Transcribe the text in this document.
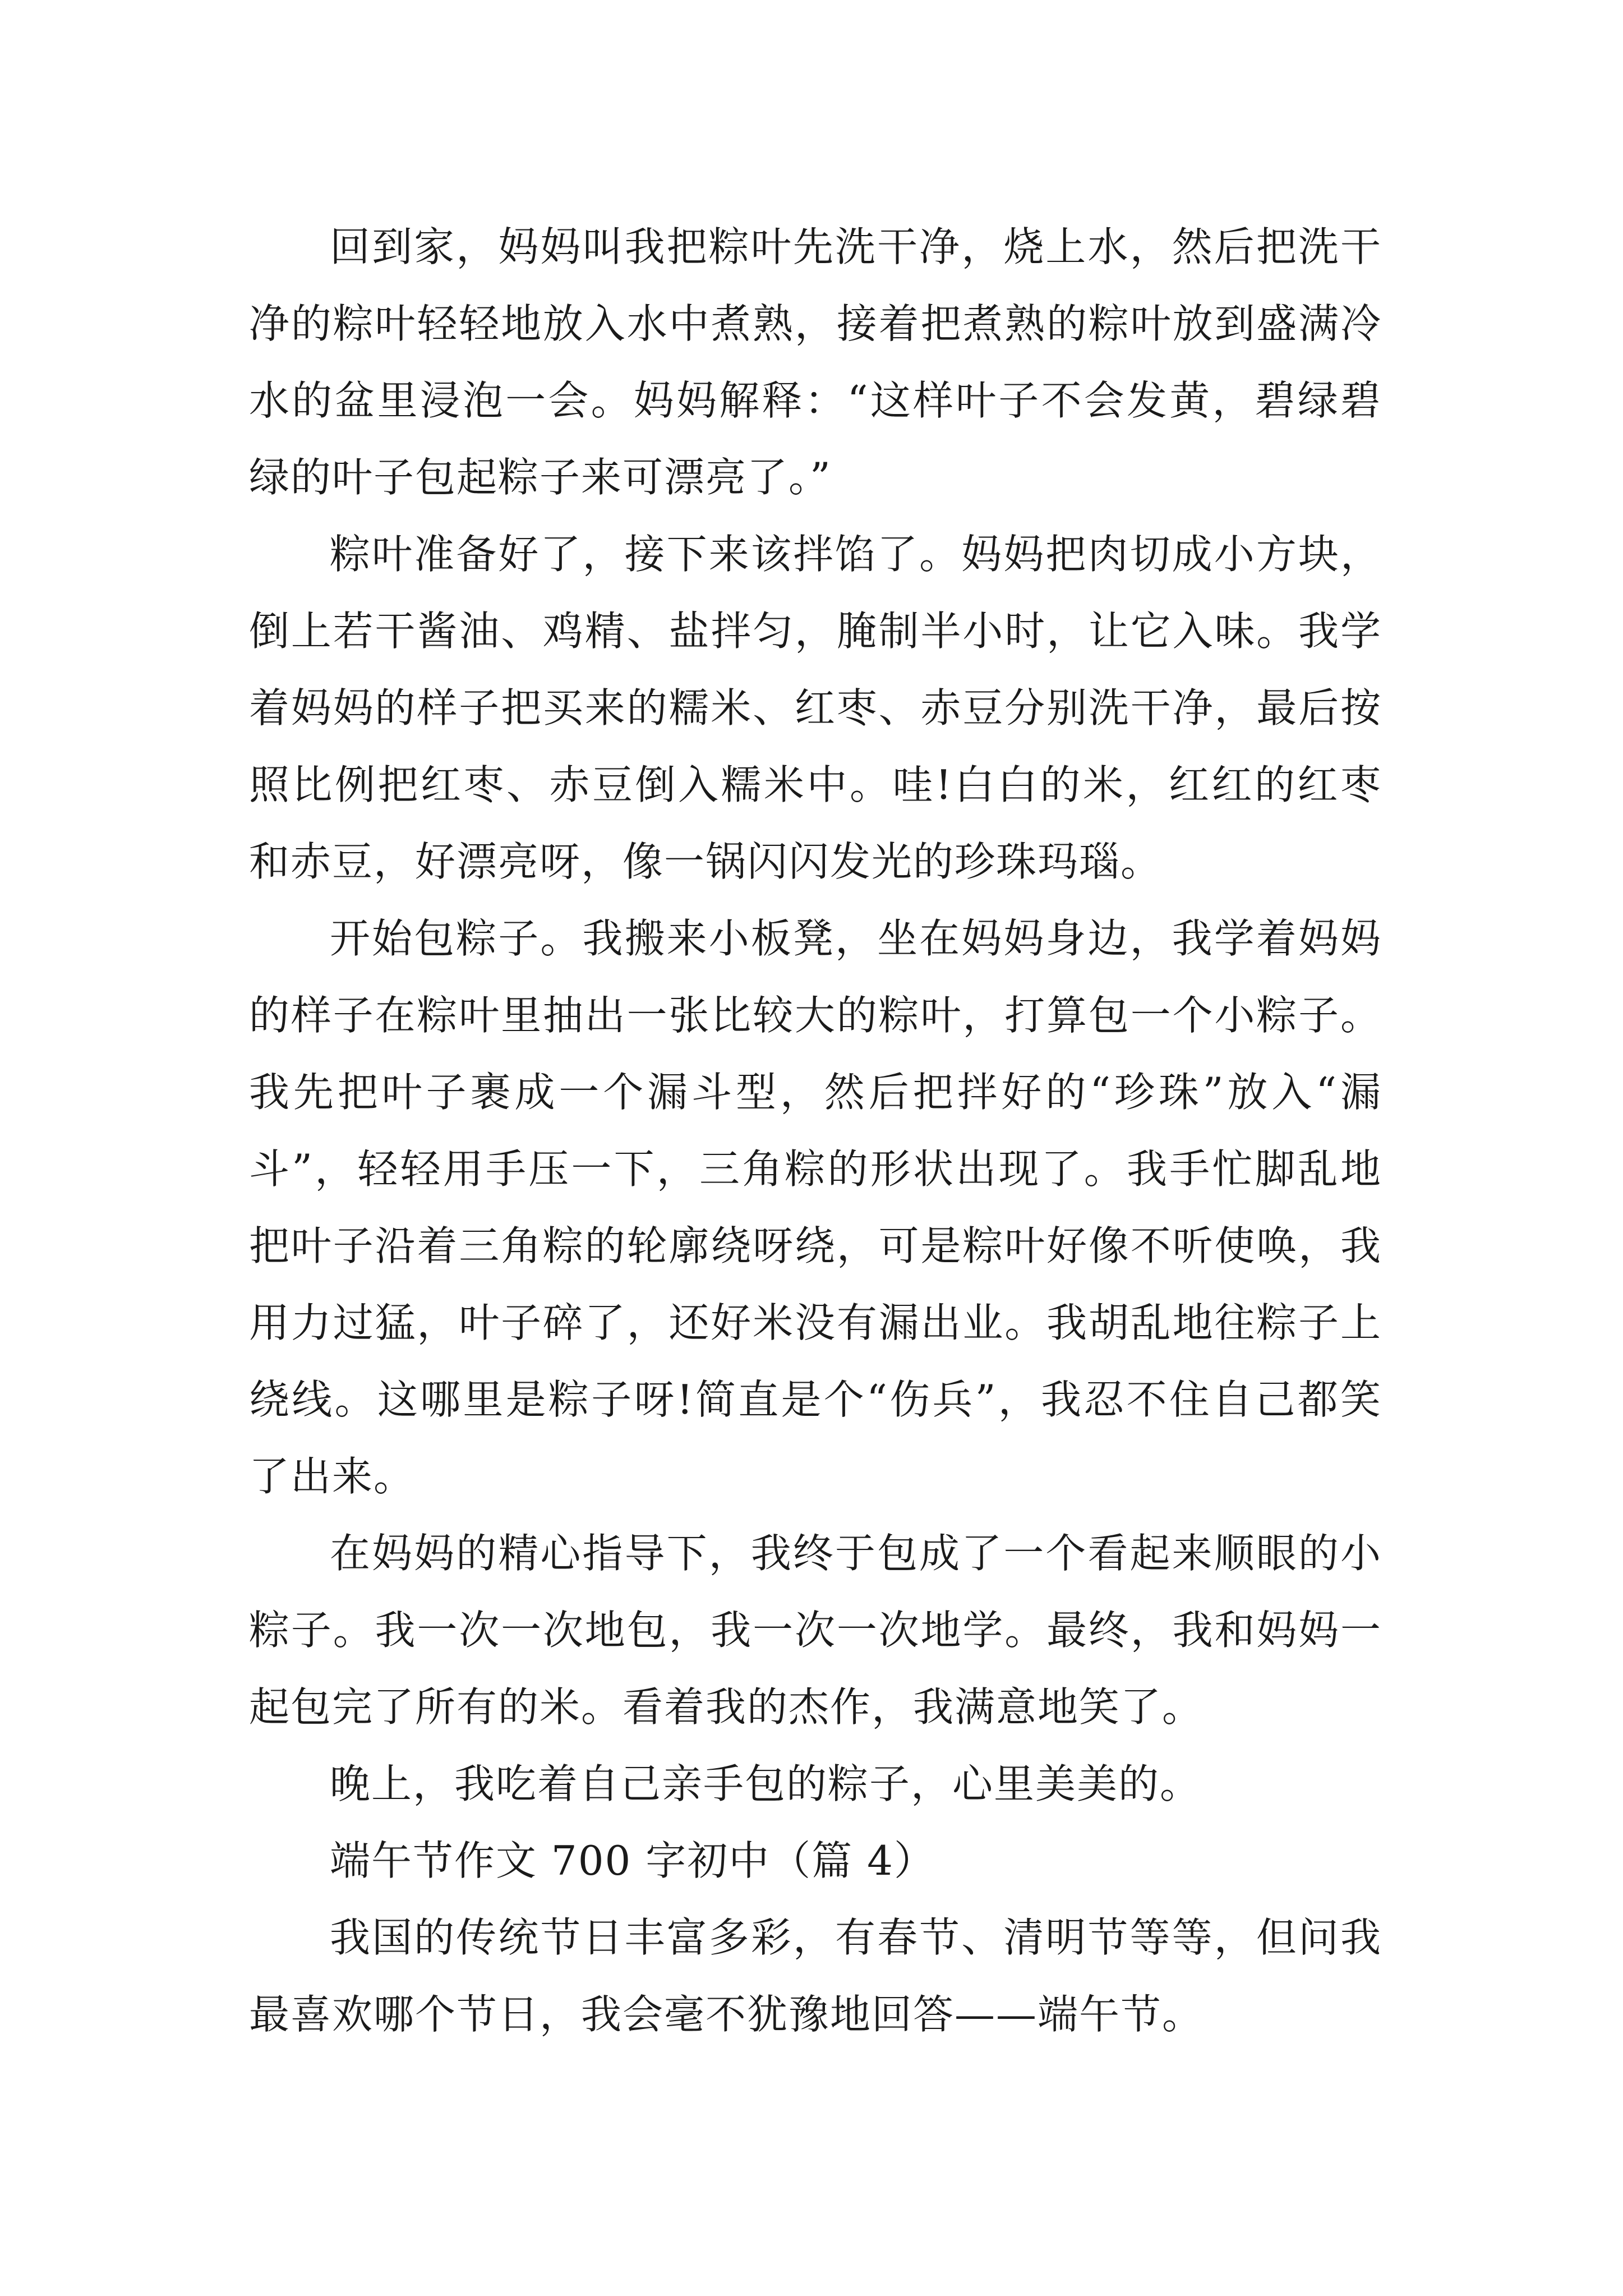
回到家，妈妈叫我把粽叶先洗干净，烧上水，然后把洗干净的粽叶轻轻地放入水中煮熟，接着把煮熟的粽叶放到盛满冷水的盆里浸泡一会。妈妈解释：“这样叶子不会发黄，碧绿碧绿的叶子包起粽子来可漂亮了。”

粽叶准备好了，接下来该拌馅了。妈妈把肉切成小方块，倒上若干酱油、鸡精、盐拌匀，腌制半小时，让它入味。我学着妈妈的样子把买来的糯米、红枣、赤豆分别洗干净，最后按照比例把红枣、赤豆倒入糯米中。哇!白白的米，红红的红枣和赤豆，好漂亮呀，像一锅闪闪发光的珍珠玛瑙。

开始包粽子。我搬来小板凳，坐在妈妈身边，我学着妈妈的样子在粽叶里抽出一张比较大的粽叶，打算包一个小粽子。我先把叶子裹成一个漏斗型，然后把拌好的“珍珠”放入“漏斗”，轻轻用手压一下，三角粽的形状出现了。我手忙脚乱地把叶子沿着三角粽的轮廓绕呀绕，可是粽叶好像不听使唤，我用力过猛，叶子碎了，还好米没有漏出业。我胡乱地往粽子上绕线。这哪里是粽子呀!简直是个“伤兵”，我忍不住自己都笑了出来。

在妈妈的精心指导下，我终于包成了一个看起来顺眼的小粽子。我一次一次地包，我一次一次地学。最终，我和妈妈一起包完了所有的米。看着我的杰作，我满意地笑了。

晚上，我吃着自己亲手包的粽子，心里美美的。

端午节作文 700 字初中（篇 4）

我国的传统节日丰富多彩，有春节、清明节等等，但问我最喜欢哪个节日，我会毫不犹豫地回答——端午节。
